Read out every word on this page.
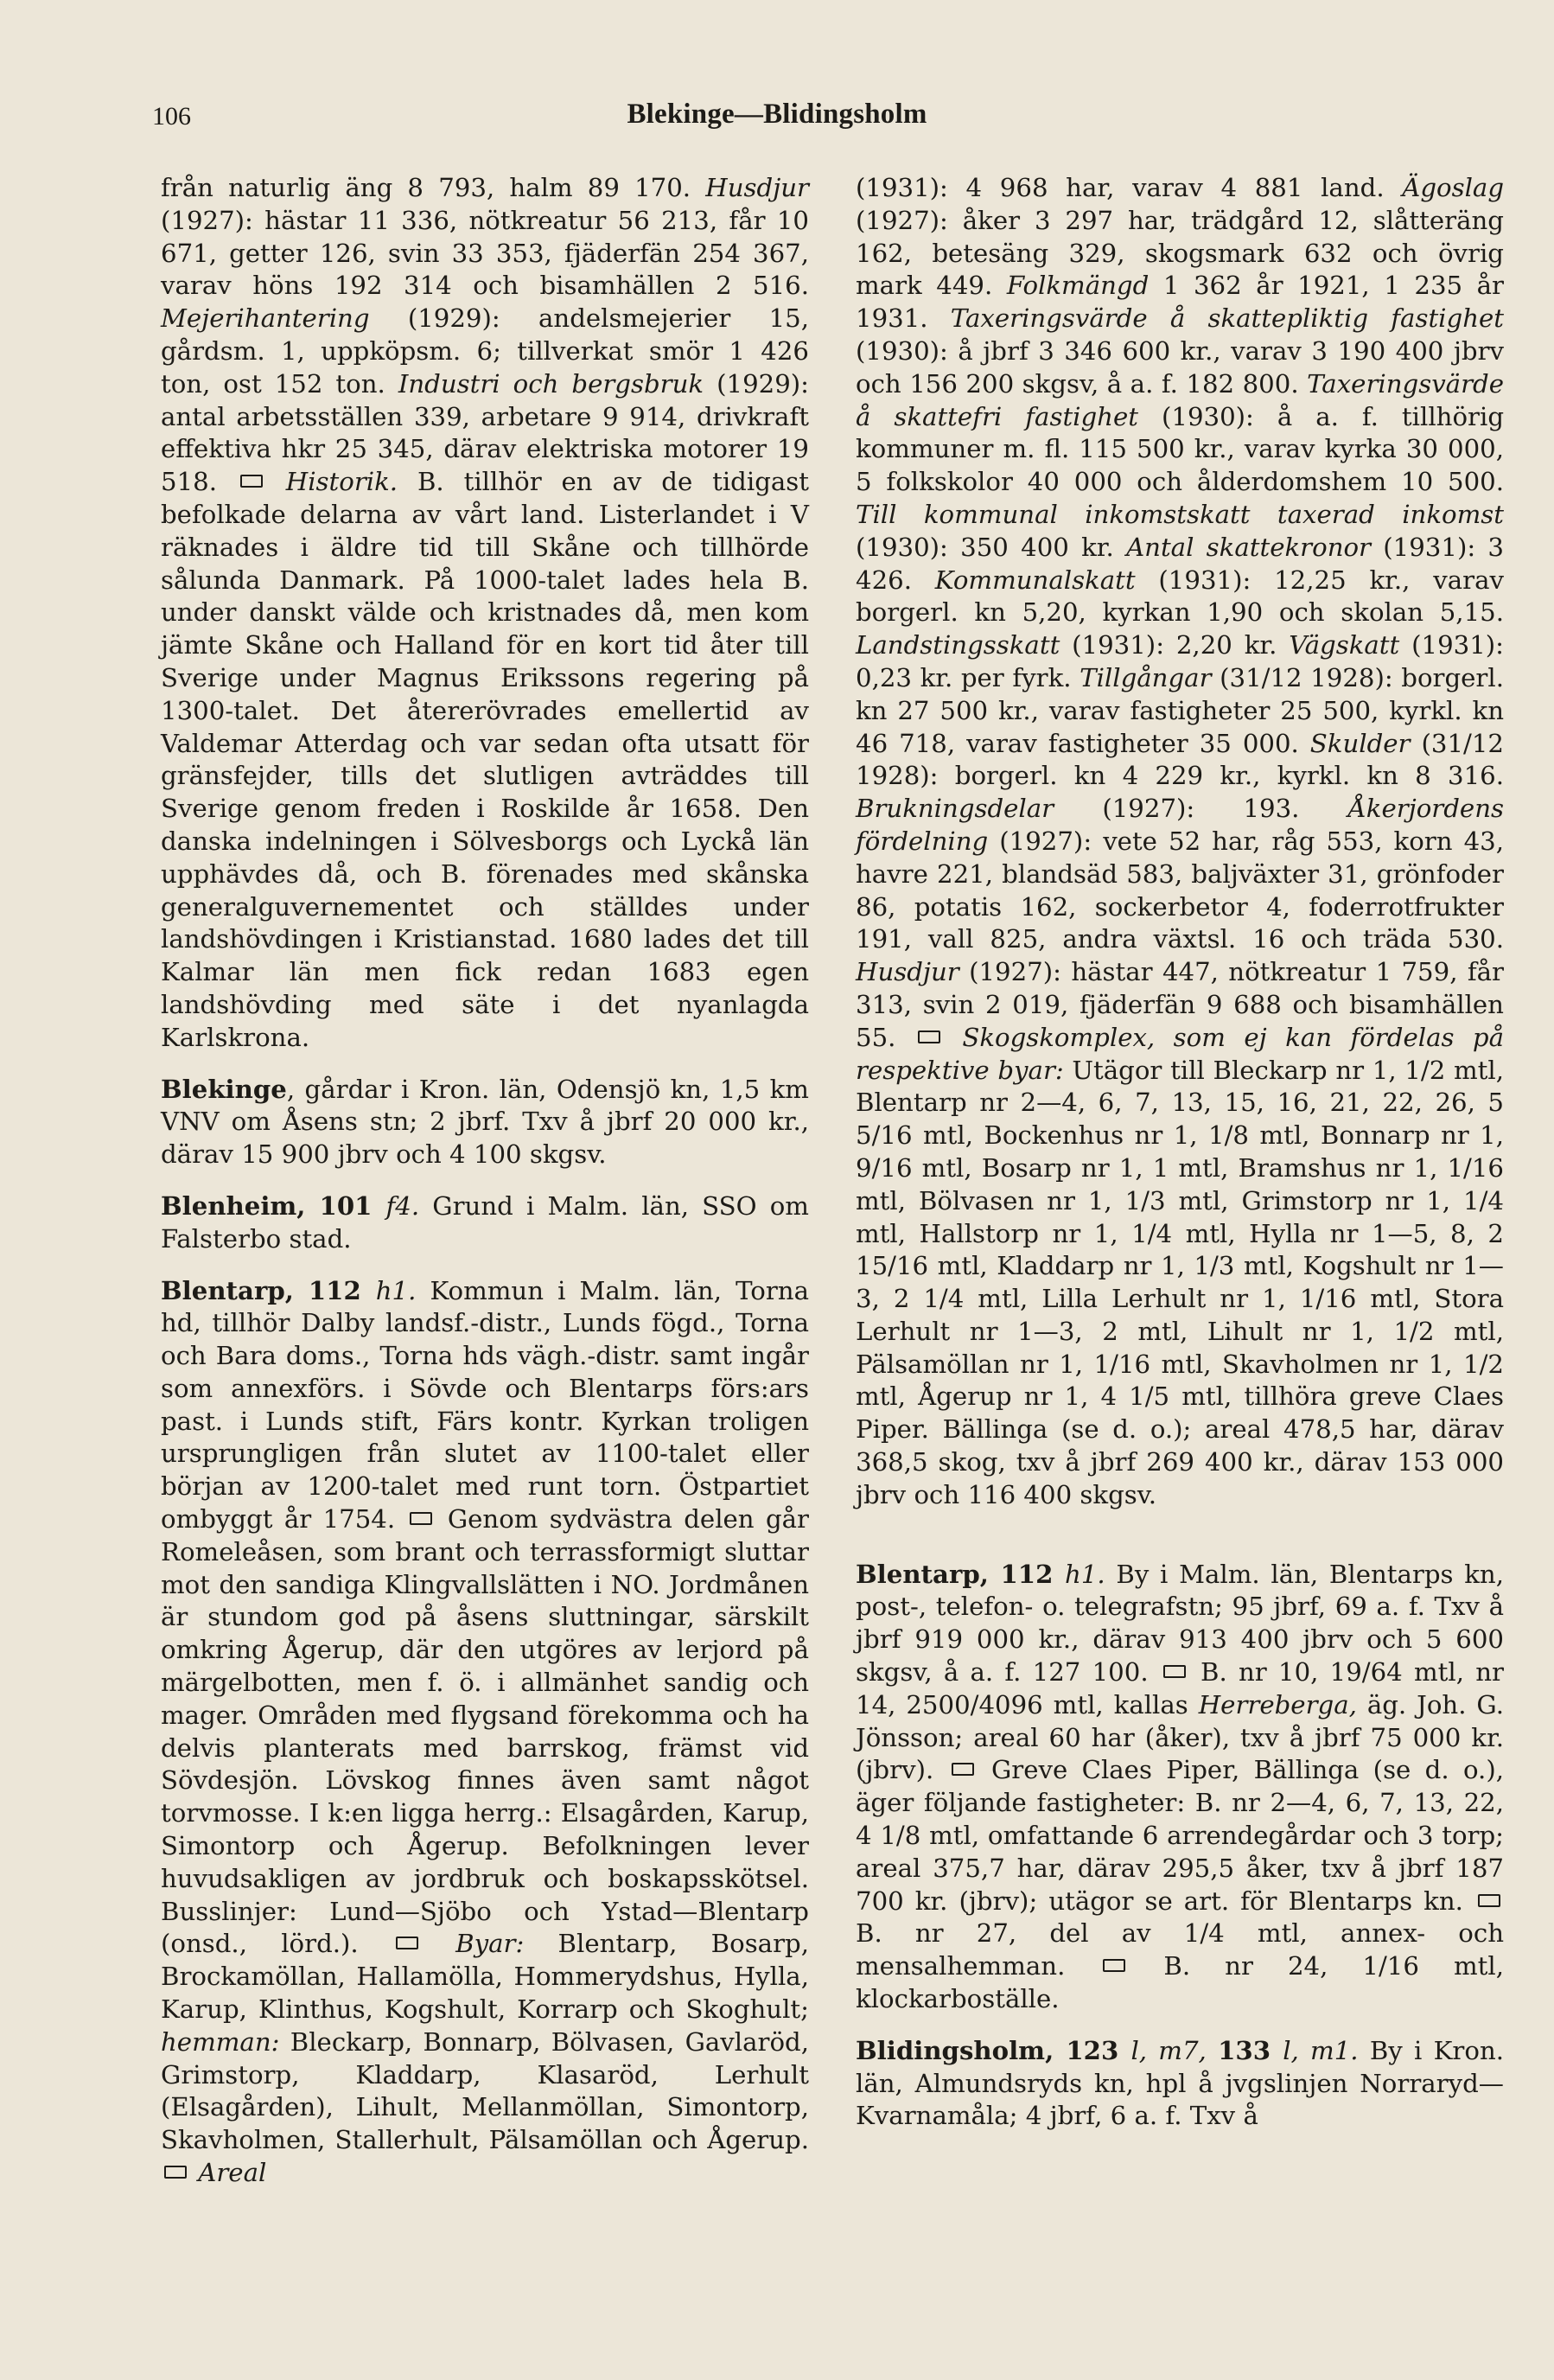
106	Blekinge—Blidingsholm

från naturlig äng 8 793, halm 89 170. Husdjur (1927): hästar 11 336, nötkreatur 56 213, får 10 671, getter 126, svin 33 353, fjäderfän 254 367, varav höns 192 314 och bisamhällen 2 516. Mejerihantering (1929): andelsmejerier 15, gårdsm. 1, uppköpsm. 6; tillverkat smör 1 426 ton, ost 152 ton. Industri och bergsbruk (1929): antal arbetsställen 339, arbetare 9 914, drivkraft effektiva hkr 25 345, därav elektriska motorer 19 518.  Historik. B. tillhör en av de tidigast befolkade delarna av vårt land. Listerlandet i V räknades i äldre tid till Skåne och tillhörde sålunda Danmark. På 1000-talet lades hela B. under danskt välde och kristnades då, men kom jämte Skåne och Halland för en kort tid åter till Sverige under Magnus Erikssons regering på 1300-talet. Det återerövrades emellertid av Valdemar Atterdag och var sedan ofta utsatt för gränsfejder, tills det slutligen avträddes till Sverige genom freden i Roskilde år 1658. Den danska indelningen i Sölvesborgs och Lyckå län upphävdes då, och B. förenades med skånska generalguvernementet och ställdes under landshövdingen i Kristianstad. 1680 lades det till Kalmar län men fick redan 1683 egen landshövding med säte i det nyanlagda Karlskrona.

Blekinge, gårdar i Kron. län, Odensjö kn, 1,5 km VNV om Åsens stn; 2 jbrf. Txv å jbrf 20 000 kr., därav 15 900 jbrv och 4 100 skgsv.

Blenheim, 101 f4. Grund i Malm. län, SSO om Falsterbo stad.

Blentarp, 112 h1. Kommun i Malm. län, Torna hd, tillhör Dalby landsf.-distr., Lunds fögd., Torna och Bara doms., Torna hds vägh.-distr. samt ingår som annexförs. i Sövde och Blentarps förs:ars past. i Lunds stift, Färs kontr. Kyrkan troligen ursprungligen från slutet av 1100-talet eller början av 1200-talet med runt torn. Östpartiet ombyggt år 1754.  Genom sydvästra delen går Romeleåsen, som brant och terrassformigt sluttar mot den sandiga Klingvallslätten i NO. Jordmånen är stundom god på åsens sluttningar, särskilt omkring Ågerup, där den utgöres av lerjord på märgelbotten, men f. ö. i allmänhet sandig och mager. Områden med flygsand förekomma och ha delvis planterats med barrskog, främst vid Sövdesjön. Lövskog finnes även samt något torvmosse. I k:en ligga herrg.: Elsagården, Karup, Simontorp och Ågerup. Befolkningen lever huvudsakligen av jordbruk och boskapsskötsel. Busslinjer: Lund—Sjöbo och Ystad—Blentarp (onsd., lörd.).	Byar: Blentarp, Bosarp, Brockamöllan, Hallamölla, Hommerydshus, Hylla, Karup, Klinthus, Kogshult, Korrarp och Skoghult; hemman: Bleckarp, Bonnarp, Bölvasen, Gavlaröd, Grimstorp, Kladdarp, Klasaröd, Lerhult (Elsagården), Lihult, Mellanmöllan, Simontorp, Skavholmen, Stallerhult, Pälsamöllan och Ågerup.  Areal

(1931): 4 968 har, varav 4 881 land. Ägoslag (1927): åker 3 297 har, trädgård 12, slåtteräng 162, betesäng 329, skogsmark 632 och övrig mark 449. Folkmängd 1 362 år 1921, 1 235 år 1931. Taxeringsvärde å skattepliktig fastighet (1930): å jbrf 3 346 600 kr., varav 3 190 400 jbrv och 156 200 skgsv, å a. f. 182 800. Taxeringsvärde å skattefri fastighet (1930): å a. f. tillhörig kommuner m. fl. 115 500 kr., varav kyrka 30 000, 5 folkskolor 40 000 och ålderdomshem 10 500. Till kommunal inkomstskatt taxerad inkomst (1930): 350 400 kr. Antal skattekronor (1931): 3 426. Kommunalskatt (1931): 12,25 kr., varav borgerl. kn 5,20, kyrkan 1,90 och skolan 5,15. Landstingsskatt (1931): 2,20 kr. Vägskatt (1931): 0,23 kr. per fyrk. Tillgångar (31/12 1928): borgerl. kn 27 500 kr., varav fastigheter 25 500, kyrkl. kn 46 718, varav fastigheter 35 000. Skulder (31/12 1928): borgerl. kn 4 229 kr., kyrkl. kn 8 316. Brukningsdelar (1927): 193. Åkerjordens fördelning (1927): vete 52 har, råg 553, korn 43, havre 221, blandsäd 583, baljväxter 31, grönfoder 86, potatis 162, sockerbetor 4, foderrotfrukter 191, vall 825, andra växtsl. 16 och träda 530. Husdjur (1927): hästar 447, nötkreatur 1 759, får 313, svin 2 019, fjäderfän 9 688 och bisamhällen 55.  Skogskomplex, som ej kan fördelas på respektive byar: Utägor till Bleckarp nr 1, 1/2 mtl, Blentarp nr 2—4, 6, 7, 13, 15, 16, 21, 22, 26, 5 5/16 mtl, Bockenhus nr 1, 1/8 mtl, Bonnarp nr 1, 9/16 mtl, Bosarp nr 1, 1 mtl, Bramshus nr 1, 1/16 mtl, Bölvasen nr 1, 1/3 mtl, Grimstorp nr 1, 1/4 mtl, Hallstorp nr 1, 1/4 mtl, Hylla nr 1—5, 8, 2 15/16 mtl, Kladdarp nr 1, 1/3 mtl, Kogshult nr 1—3, 2 1/4 mtl, Lilla Lerhult nr 1, 1/16 mtl, Stora Lerhult nr 1—3, 2 mtl, Lihult nr 1, 1/2 mtl, Pälsamöllan nr 1, 1/16 mtl, Skavholmen nr 1, 1/2 mtl, Ågerup nr 1, 4 1/5 mtl, tillhöra greve Claes Piper. Bällinga (se d. o.); areal 478,5 har, därav 368,5 skog, txv å jbrf 269 400 kr., därav 153 000 jbrv och 116 400 skgsv.

Blentarp, 112 h1. By i Malm. län, Blentarps kn, post-, telefon- o. telegrafstn; 95 jbrf, 69 a. f. Txv å jbrf 919 000 kr., därav 913 400 jbrv och 5 600 skgsv, å a. f. 127 100.  B. nr 10, 19/64 mtl, nr 14, 2500/4096 mtl, kallas Herreberga, äg. Joh. G. Jönsson; areal 60 har (åker), txv å jbrf 75 000 kr. (jbrv).  Greve Claes Piper, Bällinga (se d. o.), äger följande fastigheter: B. nr 2—4, 6, 7, 13, 22, 4 1/8 mtl, omfattande 6 arrendegårdar och 3 torp; areal 375,7 har, därav 295,5 åker, txv å jbrf 187 700 kr. (jbrv); utägor se art. för Blentarps kn.  B. nr 27, del av 1/4 mtl, annex- och mensalhemman.  B. nr 24, 1/16 mtl, klockarboställe.

Blidingsholm, 123 l, m7, 133 l, m1. By i Kron. län, Almundsryds kn, hpl å jvgslinjen Norraryd—Kvarnamåla; 4 jbrf, 6 a. f. Txv å
